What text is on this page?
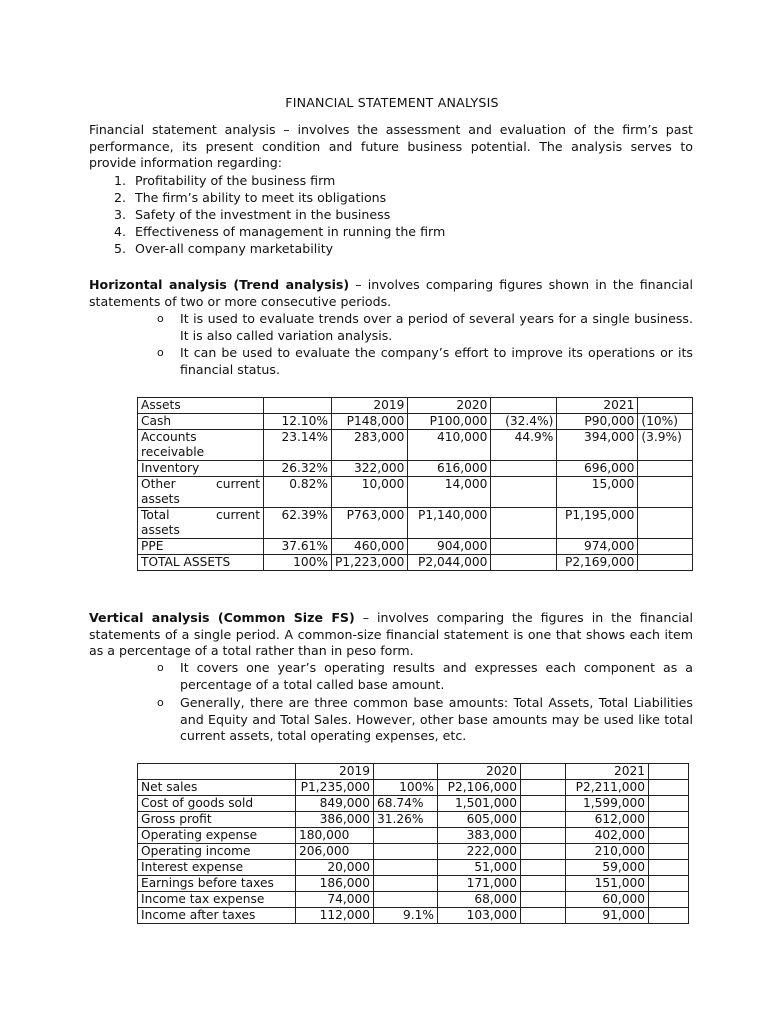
FINANCIAL STATEMENT ANALYSIS
Financial statement analysis – involves the assessment and evaluation of the firm’s past performance, its present condition and future business potential. The analysis serves to provide information regarding:
1. Profitability of the business firm
2. The firm’s ability to meet its obligations
3. Safety of the investment in the business
4. Effectiveness of management in running the firm
5. Over-all company marketability
Horizontal analysis (Trend analysis) – involves comparing figures shown in the financial statements of two or more consecutive periods.
o It is used to evaluate trends over a period of several years for a single business. It is also called variation analysis.
o It can be used to evaluate the company’s effort to improve its operations or its financial status.
Assets		2019	2020		2021	
Cash	12.10%	P148,000	P100,000	(32.4%)	P90,000	(10%)
Accounts receivable	23.14%	283,000	410,000	44.9%	394,000	(3.9%)
Inventory	26.32%	322,000	616,000		696,000	

Other current
assets	0.82%	10,000	14,000		15,000	

Total current
assets	62.39%	P763,000	P1,140,000		P1,195,000	
PPE	37.61%	460,000	904,000		974,000	
TOTAL ASSETS	100%	P1,223,000	P2,044,000		P2,169,000	
Vertical analysis (Common Size FS) – involves comparing the figures in the financial statements of a single period. A common-size financial statement is one that shows each item as a percentage of a total rather than in peso form.
o It covers one year’s operating results and expresses each component as a percentage of a total called base amount.
o Generally, there are three common base amounts: Total Assets, Total Liabilities and Equity and Total Sales. However, other base amounts may be used like total current assets, total operating expenses, etc.
	2019		2020		2021	
Net sales	P1,235,000	100%	P2,106,000		P2,211,000	
Cost of goods sold	849,000	68.74%	1,501,000		1,599,000	
Gross profit	386,000	31.26%	605,000		612,000	
Operating expense	180,000		383,000		402,000	
Operating income	206,000		222,000		210,000	
Interest expense	20,000		51,000		59,000	
Earnings before taxes	186,000		171,000		151,000	
Income tax expense	74,000		68,000		60,000	
Income after taxes	112,000	9.1%	103,000		91,000	
